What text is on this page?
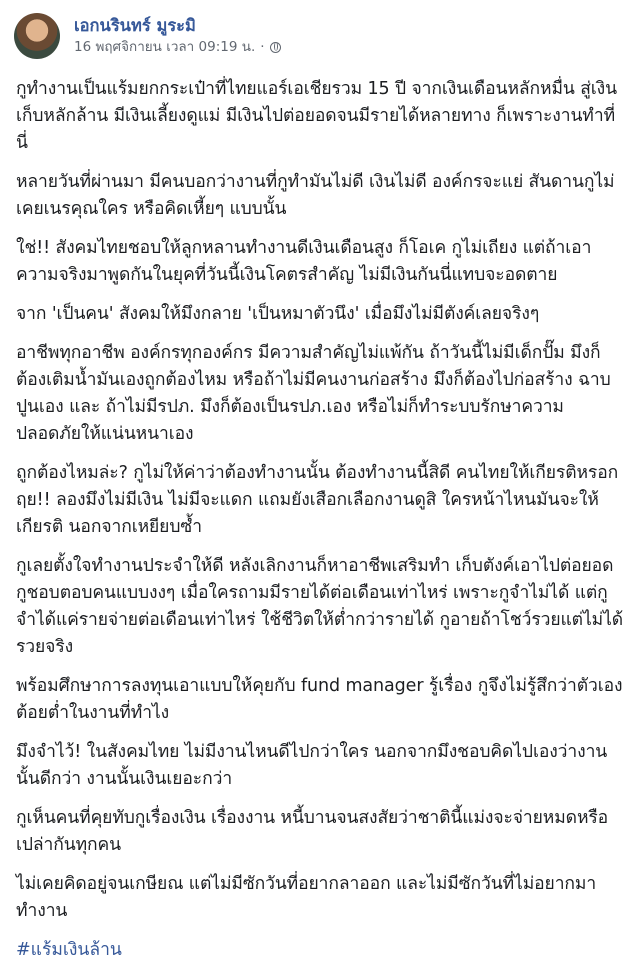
เอกนรินทร์ มูระมิ
16 พฤศจิกายน เวลา 09:19 น. ·

กูทำงานเป็นแร้มยกกระเป๋าที่ไทยแอร์เอเชียรวม 15 ปี จากเงินเดือนหลักหมื่น สู่เงินเก็บหลักล้าน มีเงินเลี้ยงดูแม่ มีเงินไปต่อยอดจนมีรายได้หลายทาง ก็เพราะงานทำที่นี่

หลายวันที่ผ่านมา มีคนบอกว่างานที่กูทำมันไม่ดี เงินไม่ดี องค์กรจะแย่ สันดานกูไม่เคยเนรคุณใคร หรือคิดเหี้ยๆ แบบนั้น

ใช่!! สังคมไทยชอบให้ลูกหลานทำงานดีเงินเดือนสูง ก็โอเค กูไม่เถียง แต่ถ้าเอาความจริงมาพูดกันในยุคที่วันนี้เงินโคตรสำคัญ ไม่มีเงินกันนี่แทบจะอดตาย

จาก 'เป็นคน' สังคมให้มึงกลาย 'เป็นหมาตัวนึง' เมื่อมึงไม่มีตังค์เลยจริงๆ

อาชีพทุกอาชีพ องค์กรทุกองค์กร มีความสำคัญไม่แพ้กัน ถ้าวันนี้ไม่มีเด็กปั๊ม มึงก็ต้องเติมน้ำมันเองถูกต้องไหม หรือถ้าไม่มีคนงานก่อสร้าง มึงก็ต้องไปก่อสร้าง ฉาบปูนเอง และ ถ้าไม่มีรปภ. มึงก็ต้องเป็นรปภ.เอง หรือไม่ก็ทำระบบรักษาความปลอดภัยให้แน่นหนาเอง

ถูกต้องไหมล่ะ? กูไม่ให้ค่าว่าต้องทำงานนั้น ต้องทำงานนี้สิดี คนไทยให้เกียรติหรอก ฤย!! ลองมึงไม่มีเงิน ไม่มีจะแดก แถมยังเสือกเลือกงานดูสิ ใครหน้าไหนมันจะให้เกียรติ นอกจากเหยียบซ้ำ

กูเลยตั้งใจทำงานประจำให้ดี หลังเลิกงานก็หาอาชีพเสริมทำ เก็บตังค์เอาไปต่อยอด กูชอบตอบคนแบบงงๆ เมื่อใครถามมีรายได้ต่อเดือนเท่าไหร่ เพราะกูจำไม่ได้ แต่กูจำได้แค่รายจ่ายต่อเดือนเท่าไหร่ ใช้ชีวิตให้ต่ำกว่ารายได้ กูอายถ้าโชว์รวยแต่ไม่ได้รวยจริง

พร้อมศึกษาการลงทุนเอาแบบให้คุยกับ fund manager รู้เรื่อง กูจึงไม่รู้สึกว่าตัวเองต้อยต่ำในงานที่ทำไง

มึงจำไว้! ในสังคมไทย ไม่มีงานไหนดีไปกว่าใคร นอกจากมึงชอบคิดไปเองว่างานนั้นดีกว่า งานนั้นเงินเยอะกว่า

กูเห็นคนที่คุยทับกูเรื่องเงิน เรื่องงาน หนี้บานจนสงสัยว่าชาตินี้แม่งจะจ่ายหมดหรือเปล่ากันทุกคน

ไม่เคยคิดอยู่จนเกษียณ แต่ไม่มีซักวันที่อยากลาออก และไม่มีซักวันที่ไม่อยากมาทำงาน

#แร้มเงินล้าน
